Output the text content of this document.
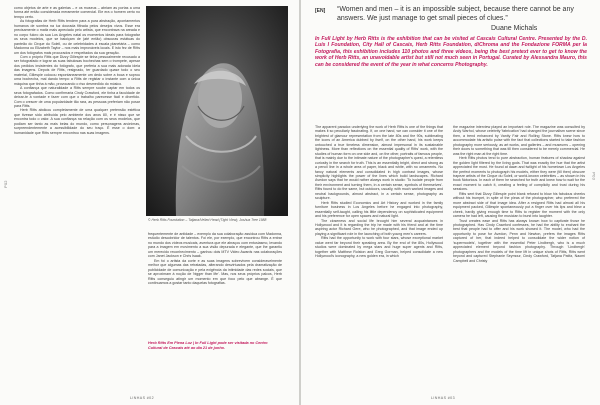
P02

como objetos de arte e as galerias – e os museus – abriam as portas a uma forma até então considerada meramente comercial. Ele era o homem certo no tempo certo.

As fotografias de Herb Ritts tendem para a pura abstração, apontamentos humanos de sombra na luz dourada filtrada pelos desejos vivos. Esse era precisamente o matiz mais apreciado pelo artista, que encontrava na areada e no corpo fulcro da sua Los Angeles natal os momentos ideais para fotografar os seus modelos, que se baloiçam de (até então) obscuras estátuas do panteão do Cirque du Soleil, ou de celebridades à escala planetária – como Madonna ou Elizabeth Taylor – nos mais improváveis locais. E isto fez de Ritts um dos fotógrafos mais procurados e respeitados da sua geração.

Com o próprio Ritts que Dizzy Gillespie se tinha pessoalmente recusado a ser fotografado e lograr as suas fabulosas bochechas sem o trompete, apesar dos pedidos insistentes do fotógrafo, que preferia a sua mais adorada ideia das imagens. Depois de Ritts, resignado, ter guardado quase todo o seu material, Gillespie colocou espontaneamente um dedo sobre a boca e soprou uma bochecha, mal dando tempo a Ritts de registar o instante com a única máquina que tinha à mão, provocando o riso desmedido do músico.

A confiança que naturalidade a Ritts sempre soube captar em todos os seus fotografados. Como confirmaria Cindy Crawford, ele tinha a faculdade de deixar-te à vontade e fazer com que o trabalho parecesse fácil e divertido. Com o crescer de uma popularidade tão rara, as pessoas preferiam não posar para Ritts.

Herb Ritts abdicou completamente de uma qualquer pretensão estética que tivesse sido atribuída pelo ambiente dos anos 80, e é nisso que se encontra todo o valor. A sua confiança na relação com os seus modelos, que podiam ser tanto as mais belas do mundo, como personagens anónimas, surpreendentemente a acessibilidade do seu traço. É esse o dom: a humanidade que Ritts sempre encontrou nas suas imagens.

© Herb Ritts Foundation – Tatjana/Veiled Head (Tight View), Joshua Tree 1988

frequentemente de antidade – exemplo da sua colaboração assídua com Madonna, estúdio descobridor de talentos. Foi ele, por exemplo, que encontrou Ritts a entrar no mundo dos vídeos musicais, aventura que ele abraçou com entusiasmo, levando para a imagem em movimento a sua visão depurada e elegante, que lhe garantiu um merecido reconhecimento – ganhou dois MTV Video Awards nas colaborações com Janet Jackson e Chris Isaak.

Em foi o artista da corte e as suas imagens sobrevivem consideravelmente melhor que algumas das retratadas, alterando desvirtuados pela dramatização de publicidade de comunicação e pela exigência da intimidade das redes sociais, que se aproximam à noção de 'bigger than life'. Mas, nos seus próprios palcos, Herb Ritts conseguiu atingir um momento em que foco pelo que abrange. É que continuamos a gostar tanto daquelas fotografias.

Herb Ritts Em Plena Luz | In Full Light pode ser visitada no Centro Cultural de Cascais até ao dia 21 de junho.
LINHAS #02
P03
[EN] “Women and men – it is an impossible subject, because there cannot be any answers. We just manage to get small pieces of clues.”
Duane Michals
In Full Light by Herb Ritts is the exhibition that can be visited at Cascais Cultural Centre. Presented by the D. Luís I Foundation, City Hall of Cascais, Herb Ritts Foundation, diChroma and the Fondazione FORMA per la Fotografia, this exhibition includes 110 photos and three videos, being the best pretext ever to get to know the work of Herb Ritts, an unavoidable artist but still not much seen in Portugal. Curated by Alessandra Mauro, this can be considered the event of the year in what concerns Photography.

The apparent paradox underlying the work of Herb Ritts is one of the things that makes it so peculiarly fascinating. If, on one hand, we can consider it one of the brightest of glamour representation from the late 80s and the 90s, sublimating the icons of an America dubbed by itself, on the other hand, his work keeps untouched a true timeless dimension, almost impersonal in its sustainable lightness. More than reflections on the essential quality of Ritts' work, with the studies of human form on one side and, on the other, portraits of famous people, that is mainly due to the intimate nature of the photographer's quest, a relentless curiosity in the search for truth. This is an essentially bright, direct and strong as a pencil line in a whole area of paper, black and white, with no ornaments. No fancy natural elements and consolidated in high contrast images, whose simplicity highlights the power of the lines which build landscapes. Richard Avedon says that he would rather always work in studio: 'To isolate people from their environment and turning them, in a certain sense, symbols of themselves'. Ritts found to do the same, but outdoors, usually, with much worked images and neutral backgrounds, almost abstract, in a certain sense, photography as sculpture.

Herb Ritts studied Economics and Art History and worked in the family furniture business in Los Angeles before he engaged into photography, essentially self-taught, calling his little dependency on sophisticated equipment and his preference for open spaces and natural light.

The closeness and social life brought him several acquaintances in Hollywood and it is regarding the trip he made with his friend and at the time aspiring actor Richard Gere, who he photographed, and that image ended up playing a significant role in the launching of both young men's careers.

Ritts had the opportunity to work with four stars, whose exceptional market value went far beyond their speaking area. By the end of the 80s, Hollywood studios were dominated by mega stars and huge super agents and Ritts, together with Matthew Rolston and Greg Gorman, helped consolidate a new Hollywood's iconography, a new golden era, in which

the magazine interview played an important role. The magazine was consulted by Andy Warhol, whose celebrity 'fabrication' had changed the journalism scene since then, a trend enhanced by Vanity Fair and Rolling Stone. Ritts knew how to accommodate his artistic pulse with the fact that collections started to take fashion photography more seriously, as art works, and galleries – and museums – opening their doors to something that was till then considered to be merely commercial. He was the right man at the right time.

Herb Ritts photos tend to pure abstraction, human features of shadow against the golden light filtered by the living gods. That was exactly the hue that the artist appreciated the most. He found at dawn and twilight of his hometown Los Angeles the perfect moments to photograph his models, either they were (till then) obscure trapeze artists of the Cirque du Soleil, or world-known celebrities – as shown in his book Notorious. In each of them he searched for truth and knew how to wait for the exact moment to catch it, creating a feeling of complicity and trust during his sessions.

Ritts sent that Dizzy Gillespie point blank refused to blow his fabulous cheeks without his trumpet, in spite of the pleas of the photographer, who preferred the more abstract side of that image idea. After a resigned Ritts had almost all his equipment packed, Gillespie spontaneously put a finger over his lips and blew a cheek, hardly giving enough time to Ritts to register the moment with the only camera he had left, causing the musician to burst into laughter.

Trust creates ease and Ritts has always known how to captivate those he photographed. Has Cindy Crawford confesses, he had the ability to enchant the best that people had to offer and his work showed it. The model, who had the opportunity to pose for Avedon, Penn and Newton, prefers the images Ritts captured of her, that indeed helped to consolidate the wider notion of 'supermodels', together with the essential Peter Lindbergh, who is a much appreciated element beyond fashion photography. Through 'Lindbergh' photographers and the models of the time lift in unique shots of Ritts, Ritts went beyond and captured Stephanie Seymour, Cindy Crawford, Tatjana Patitz, Naomi Campbell and Christy

LINHAS #03
